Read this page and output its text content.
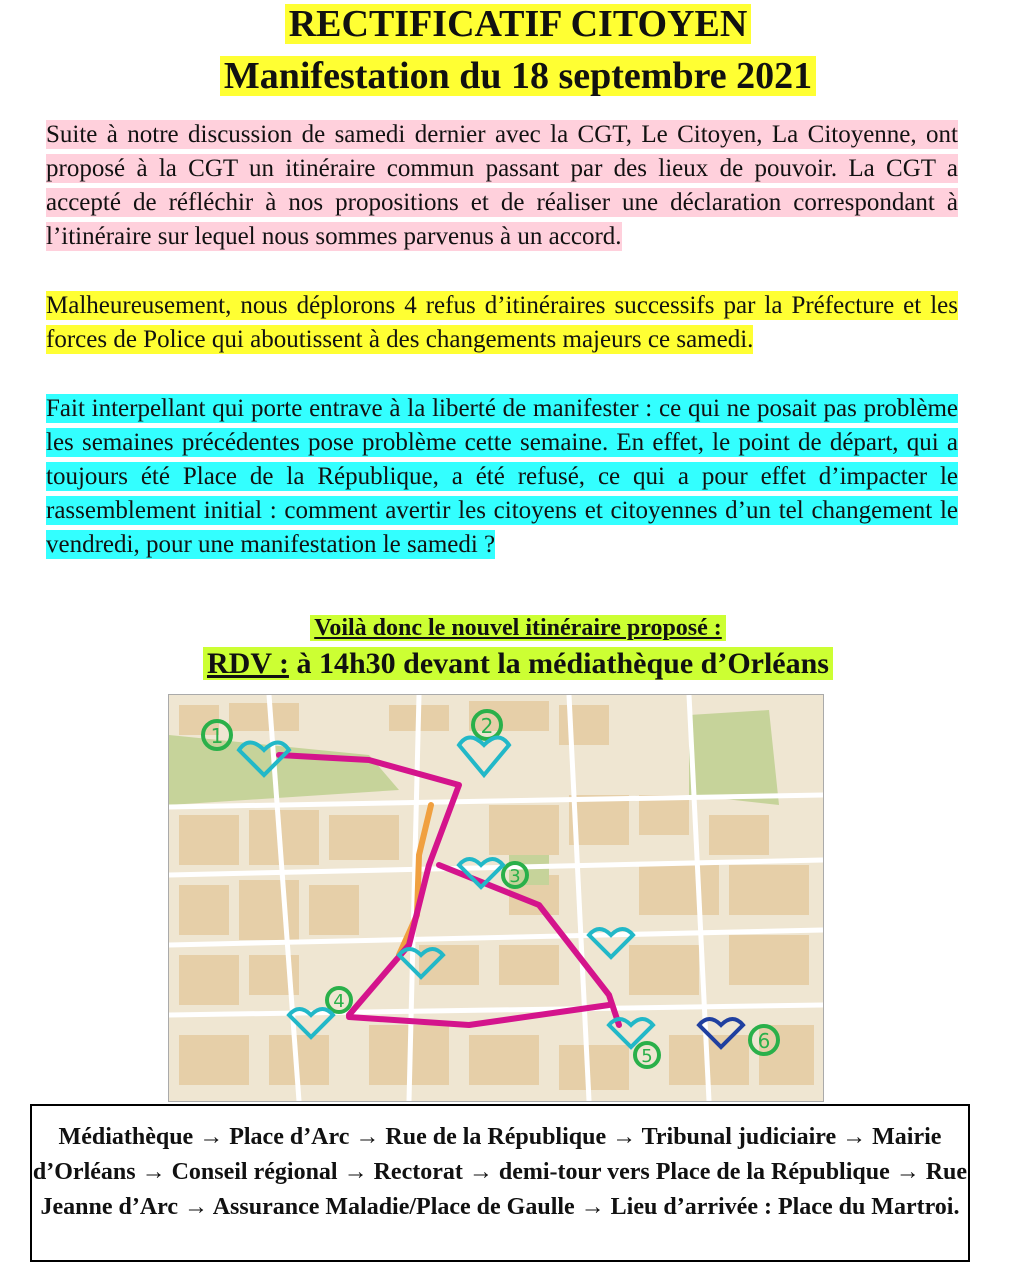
RECTIFICATIF CITOYEN
Manifestation du 18 septembre 2021

Suite à notre discussion de samedi dernier avec la CGT, Le Citoyen, La Citoyenne, ont proposé à la CGT un itinéraire commun passant par des lieux de pouvoir. La CGT a accepté de réfléchir à nos propositions et de réaliser une déclaration correspondant à l’itinéraire sur lequel nous sommes parvenus à un accord.

Malheureusement, nous déplorons 4 refus d’itinéraires successifs par la Préfecture et les forces de Police qui aboutissent à des changements majeurs ce samedi.

Fait interpellant qui porte entrave à la liberté de manifester : ce qui ne posait pas problème les semaines précédentes pose problème cette semaine. En effet, le point de départ, qui a toujours été Place de la République, a été refusé, ce qui a pour effet d’impacter le rassemblement initial : comment avertir les citoyens et citoyennes d’un tel changement le vendredi, pour une manifestation le samedi ?

Voilà donc le nouvel itinéraire proposé :
RDV : à 14h30 devant la médiathèque d’Orléans
1	2
3
4
5
6
Médiathèque → Place d’Arc → Rue de la République → Tribunal judiciaire → Mairie d’Orléans → Conseil régional → Rectorat → demi-tour vers Place de la République → Rue Jeanne d’Arc → Assurance Maladie/Place de Gaulle → Lieu d’arrivée : Place du Martroi.
